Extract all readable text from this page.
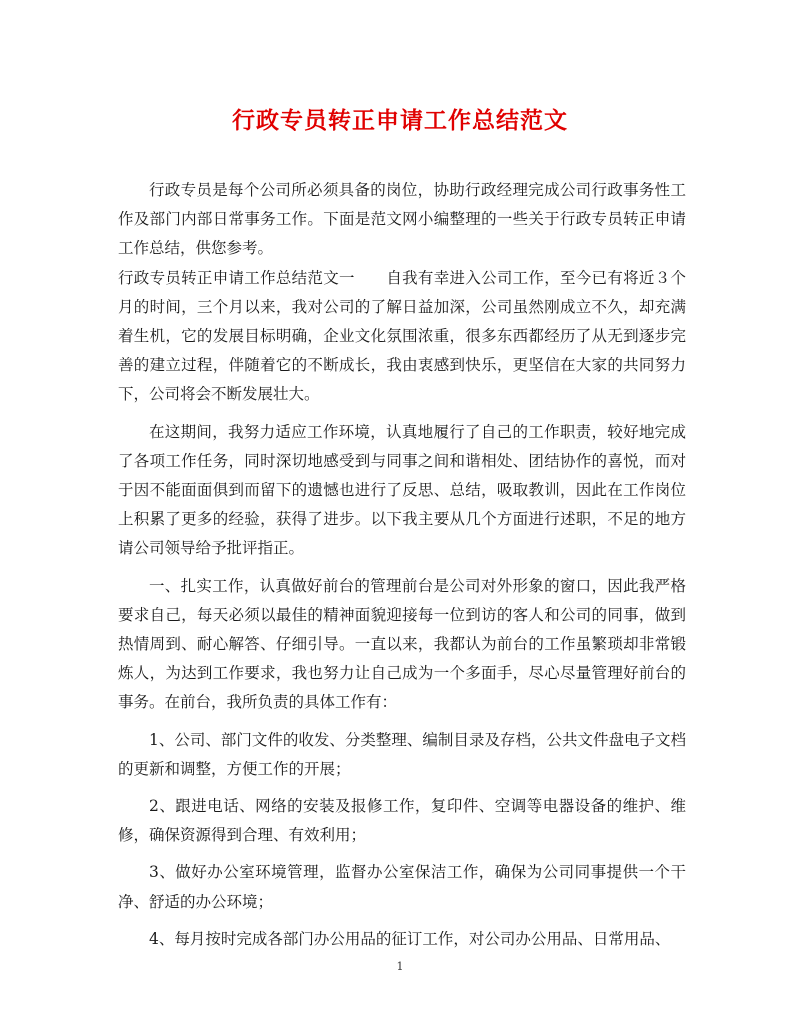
行政专员转正申请工作总结范文

行政专员是每个公司所必须具备的岗位，协助行政经理完成公司行政事务性工作及部门内部日常事务工作。下面是范文网小编整理的一些关于行政专员转正申请工作总结，供您参考。

行政专员转正申请工作总结范文一　　自我有幸进入公司工作，至今已有将近３个月的时间，三个月以来，我对公司的了解日益加深，公司虽然刚成立不久，却充满着生机，它的发展目标明确，企业文化氛围浓重，很多东西都经历了从无到逐步完善的建立过程，伴随着它的不断成长，我由衷感到快乐，更坚信在大家的共同努力下，公司将会不断发展壮大。

在这期间，我努力适应工作环境，认真地履行了自己的工作职责，较好地完成了各项工作任务，同时深切地感受到与同事之间和谐相处、团结协作的喜悦，而对于因不能面面俱到而留下的遗憾也进行了反思、总结，吸取教训，因此在工作岗位上积累了更多的经验，获得了进步。以下我主要从几个方面进行述职，不足的地方请公司领导给予批评指正。

一、扎实工作，认真做好前台的管理前台是公司对外形象的窗口，因此我严格要求自己，每天必须以最佳的精神面貌迎接每一位到访的客人和公司的同事，做到热情周到、耐心解答、仔细引导。一直以来，我都认为前台的工作虽繁琐却非常锻炼人，为达到工作要求，我也努力让自己成为一个多面手，尽心尽量管理好前台的事务。在前台，我所负责的具体工作有：

1、公司、部门文件的收发、分类整理、编制目录及存档，公共文件盘电子文档的更新和调整，方便工作的开展；

2、跟进电话、网络的安装及报修工作，复印件、空调等电器设备的维护、维修，确保资源得到合理、有效利用；

3、做好办公室环境管理，监督办公室保洁工作，确保为公司同事提供一个干净、舒适的办公环境；

4、每月按时完成各部门办公用品的征订工作，对公司办公用品、日常用品、

1
